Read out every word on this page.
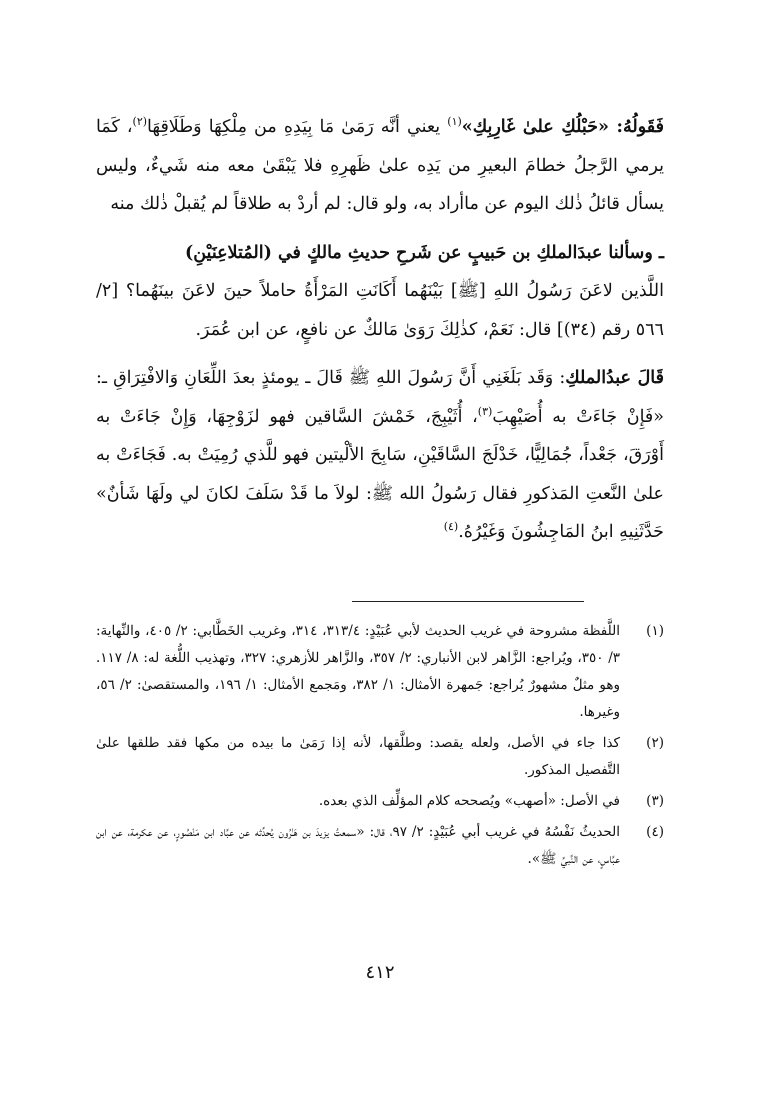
فَقَولُهُ: «حَبْلُكِ علىٰ غَارِبِكِ»$^{(١)}$ يعني أنَّه رَمَىٰ مَا بِيَدِهِ من مِلْكِهَا وَطَلَاقِهَا$^{(٢)}$، كَمَا يرمي الرَّجلُ خطامَ البعيرِ من يَدِه علىٰ ظَهرِهِ فلا يَبْقَىٰ معه منه شَيءٌ، وليس يسأل قائلُ ذٰلك اليوم عن ماأراد به، ولو قال: لم أردْ به طلاقاً لم يُقبلْ ذٰلك منه

ـ وسألنا عبدَالملكِ بن حَبيبٍ عن شَرحِ حديثِ مالكٍ في (المُتلاعِنَيْنِ)

اللَّذين لاعَنَ رَسُولُ اللهِ [ﷺ] بَيْنَهُما أَكَانَتِ المَرْأَةُ حاملاً حينَ لاعَنَ بينَهُما؟ [٢/ ٥٦٦ رقم (٣٤)] قال: نَعَمْ، كذٰلِكَ رَوَىٰ مَالكٌ عن نافعٍ، عن ابن عُمَرَ.

قَالَ عبدُالملكِ: وَقَد بَلَغَنِي أَنَّ رَسُولَ اللهِ ﷺ قَالَ ـ يومئذٍ بعدَ اللِّعَانِ وَالافْتِرَاقِ ـ: «فَإِنْ جَاءَتْ به أُصَيْهِبَ$^{(٣)}$، أُثَيْبِجَ، خَمْشَ السَّاقين فهو لزَوْجِهَا، وَإِنْ جَاءَتْ به أَوْرَقَ، جَعْداً، جُمَالِيًّا، خَدْلَجَ السَّاقَيْنِ، سَابِحَ الألْيتين فهو للَّذي رُمِيَتْ به. فَجَاءَتْ به علىٰ النَّعتِ المَذكورِ فقال رَسُولُ الله ﷺ: لولاَ ما قَدْ سَلَفَ لكانَ لي ولَهَا شَأنٌ» حَدَّثَنِيهِ ابنُ المَاجِشُونَ وَغَيْرُهُ.$^{(٤)}$

(١)
اللَّفظة مشروحة في غريب الحديث لأبي عُبَيْدٍ: ٣١٣/٤، ٣١٤، وغريب الخَطَّابي: ٢/ ٤٠٥، والنِّهاية: ٣/ ٣٥٠، ويُراجع: الزَّاهر لابن الأنباري: ٢/ ٣٥٧، والزَّاهر للأزهري: ٣٢٧، وتهذيب اللُّغة له: ٨/ ١١٧. وهو مثلٌ مشهورٌ يُراجع: جَمهرة الأمثال: ١/ ٣٨٢، ومَجمع الأمثال: ١/ ١٩٦، والمستقصىٰ: ٢/ ٥٦، وغيرها.
(٢)
كذا جاء في الأصل، ولعله يقصد: وطلَّقها، لأنه إذا رَمَىٰ ما بيده من مكها فقد طلقها علىٰ التَّفصيل المذكور.
(٣)
في الأصل: «أصهب» ويُصححه كلام المؤلِّف الذي بعده.
(٤)
الحديثُ نَفْسُهُ في غريب أبي عُبَيْدٍ: ٢/ ٩٧، قال: «سمعتُ يزيدَ بن هَـٰرُون يُحدِّثه عن عبَّاد ابن مَنْصُورٍ، عن عكرمة، عن ابن عبَّاسٍ، عن النَّبيِّ ﷺ».
٤١٢
